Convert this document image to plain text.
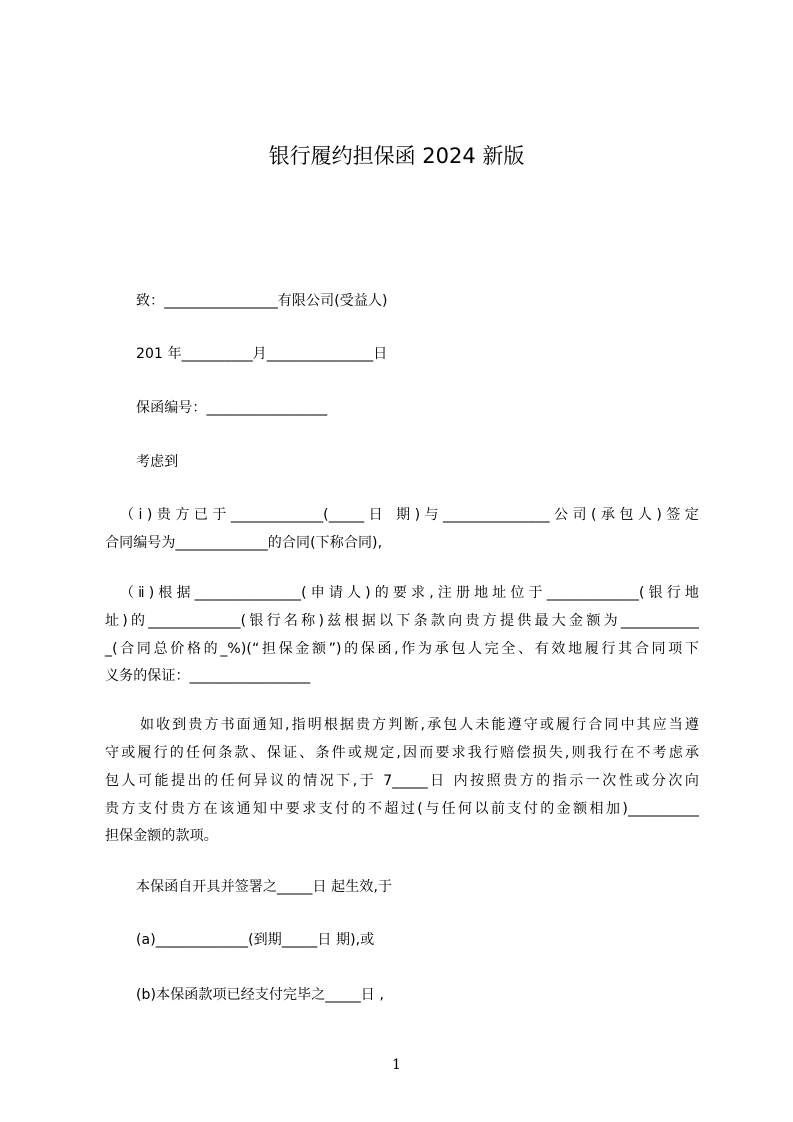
银行履约担保函 2024 新版
致：________________有限公司(受益人)
201 年__________月_______________日
保函编号：_________________
考虑到
（ⅰ)贵方已于_____________(_____日 期)与_______________公司(承包人)签定
合同编号为_____________的合同(下称合同),
（ⅱ)根据_______________(申请人)的要求,注册地址位于_____________(银行地
址)的_____________(银行名称)兹根据以下条款向贵方提供最大金额为___________
_(合同总价格的_%)(“担保金额”)的保函,作为承包人完全、有效地履行其合同项下
义务的保证：_________________
如收到贵方书面通知,指明根据贵方判断,承包人未能遵守或履行合同中其应当遵
守或履行的任何条款、保证、条件或规定,因而要求我行赔偿损失,则我行在不考虑承
包人可能提出的任何异议的情况下,于 7_____日 内按照贵方的指示一次性或分次向
贵方支付贵方在该通知中要求支付的不超过(与任何以前支付的金额相加)__________
担保金额的款项。
本保函自开具并签署之_____日 起生效,于
(a)_____________(到期_____日 期),或
(b)本保函款项已经支付完毕之_____日 ,
1
